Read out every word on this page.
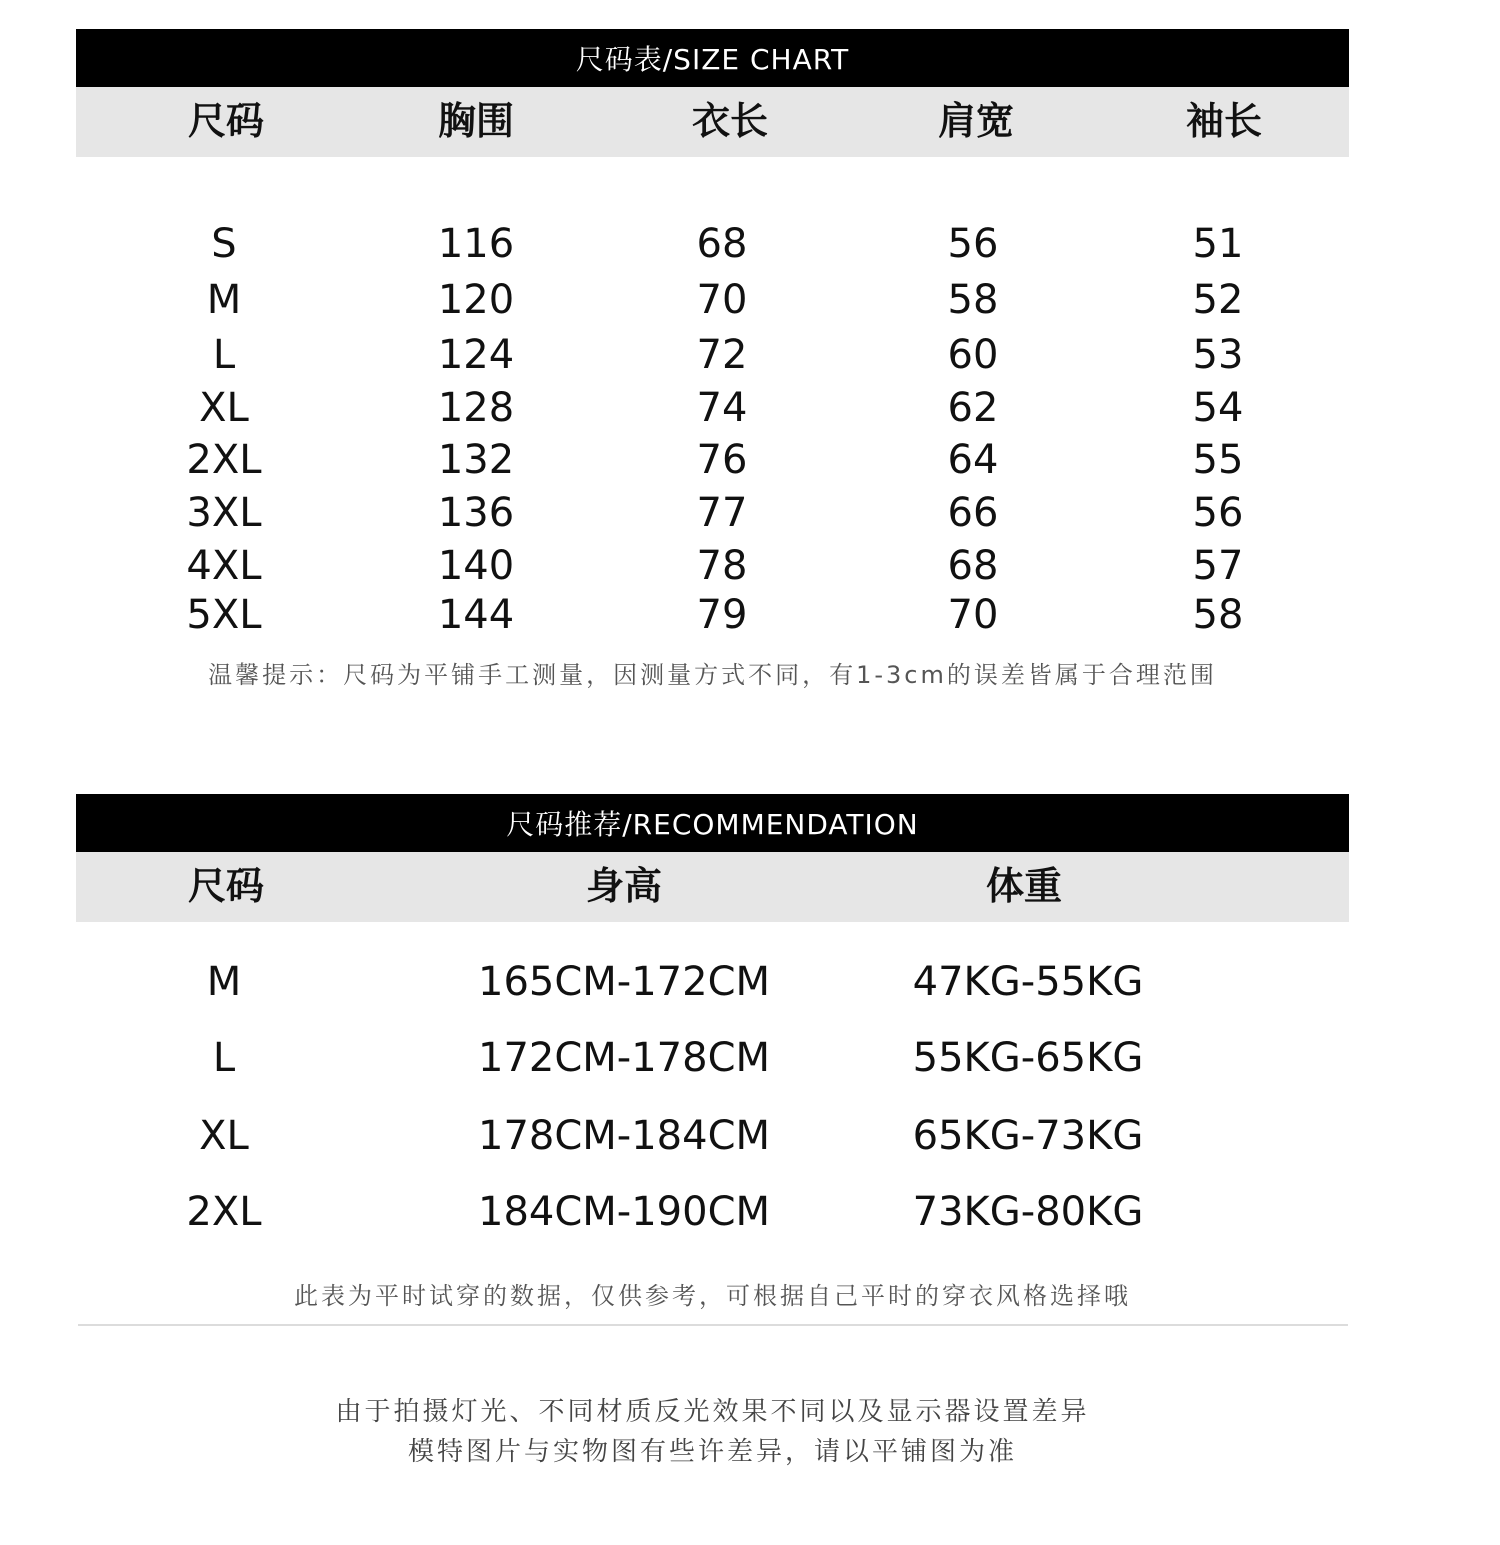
尺码表/SIZE CHART
尺码	胸围	衣长	肩宽	袖长
S	116	68	56	51
M	120	70	58	52
L	124	72	60	53
XL	128	74	62	54
2XL	132	76	64	55
3XL	136	77	66	56
4XL	140	78	68	57
5XL	144	79	70	58
温馨提示：尺码为平铺手工测量，因测量方式不同，有1-3cm的误差皆属于合理范围
尺码推荐/RECOMMENDATION
尺码	身高	体重
M	165CM-172CM	47KG-55KG
L	172CM-178CM	55KG-65KG
XL	178CM-184CM	65KG-73KG
2XL	184CM-190CM	73KG-80KG
此表为平时试穿的数据，仅供参考，可根据自己平时的穿衣风格选择哦
由于拍摄灯光、不同材质反光效果不同以及显示器设置差异
模特图片与实物图有些许差异，请以平铺图为准
